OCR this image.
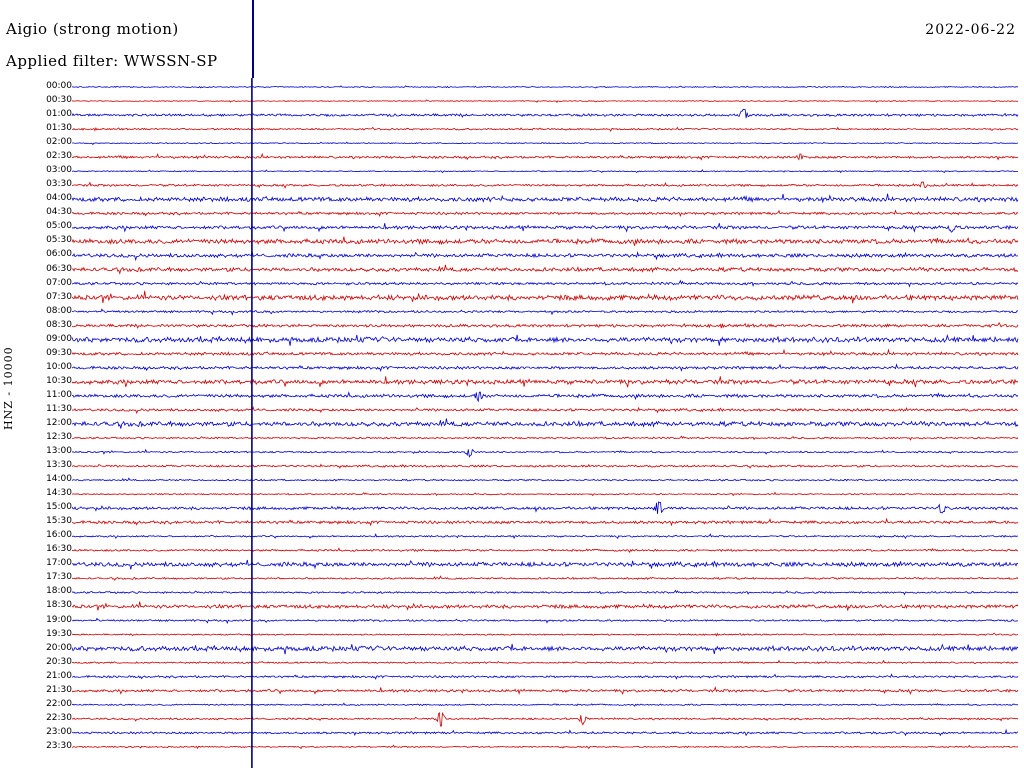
Aigio (strong motion)
Applied filter: WWSSN-SP
2022-06-22
HNZ - 10000
00:00
00:30
01:00
01:30
02:00
02:30
03:00
03:30
04:00
04:30
05:00
05:30
06:00
06:30
07:00
07:30
08:00
08:30
09:00
09:30
10:00
10:30
11:00
11:30
12:00
12:30
13:00
13:30
14:00
14:30
15:00
15:30
16:00
16:30
17:00
17:30
18:00
18:30
19:00
19:30
20:00
20:30
21:00
21:30
22:00
22:30
23:00
23:30
